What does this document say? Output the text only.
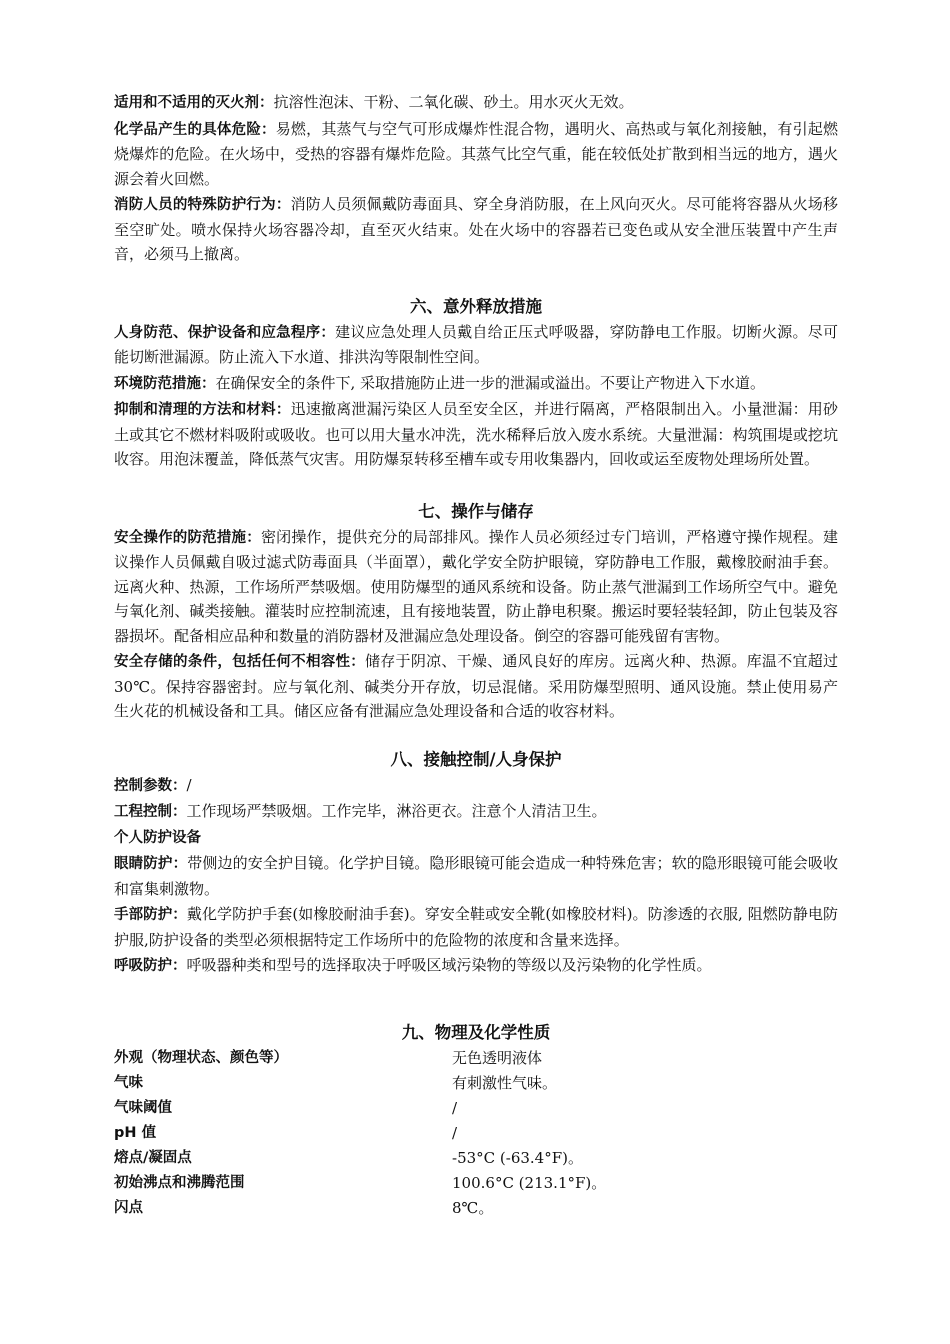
适用和不适用的灭火剂：抗溶性泡沫、干粉、二氧化碳、砂土。用水灭火无效。

化学品产生的具体危险：易燃，其蒸气与空气可形成爆炸性混合物，遇明火、高热或与氧化剂接触，有引起燃烧爆炸的危险。在火场中，受热的容器有爆炸危险。其蒸气比空气重，能在较低处扩散到相当远的地方，遇火源会着火回燃。

消防人员的特殊防护行为：消防人员须佩戴防毒面具、穿全身消防服，在上风向灭火。尽可能将容器从火场移至空旷处。喷水保持火场容器冷却，直至灭火结束。处在火场中的容器若已变色或从安全泄压装置中产生声音，必须马上撤离。

六、意外释放措施

人身防范、保护设备和应急程序：建议应急处理人员戴自给正压式呼吸器，穿防静电工作服。切断火源。尽可能切断泄漏源。防止流入下水道、排洪沟等限制性空间。

环境防范措施：在确保安全的条件下, 采取措施防止进一步的泄漏或溢出。不要让产物进入下水道。

抑制和清理的方法和材料：迅速撤离泄漏污染区人员至安全区，并进行隔离，严格限制出入。小量泄漏：用砂土或其它不燃材料吸附或吸收。也可以用大量水冲洗，洗水稀释后放入废水系统。大量泄漏：构筑围堤或挖坑收容。用泡沫覆盖，降低蒸气灾害。用防爆泵转移至槽车或专用收集器内，回收或运至废物处理场所处置。

七、操作与储存

安全操作的防范措施：密闭操作，提供充分的局部排风。操作人员必须经过专门培训，严格遵守操作规程。建议操作人员佩戴自吸过滤式防毒面具（半面罩），戴化学安全防护眼镜，穿防静电工作服，戴橡胶耐油手套。远离火种、热源，工作场所严禁吸烟。使用防爆型的通风系统和设备。防止蒸气泄漏到工作场所空气中。避免与氧化剂、碱类接触。灌装时应控制流速，且有接地装置，防止静电积聚。搬运时要轻装轻卸，防止包装及容器损坏。配备相应品种和数量的消防器材及泄漏应急处理设备。倒空的容器可能残留有害物。

安全存储的条件，包括任何不相容性：储存于阴凉、干燥、通风良好的库房。远离火种、热源。库温不宜超过30℃。保持容器密封。应与氧化剂、碱类分开存放，切忌混储。采用防爆型照明、通风设施。禁止使用易产生火花的机械设备和工具。储区应备有泄漏应急处理设备和合适的收容材料。

八、接触控制/人身保护

控制参数：/

工程控制：工作现场严禁吸烟。工作完毕，淋浴更衣。注意个人清洁卫生。

个人防护设备

眼睛防护：带侧边的安全护目镜。化学护目镜。隐形眼镜可能会造成一种特殊危害；软的隐形眼镜可能会吸收和富集刺激物。

手部防护：戴化学防护手套(如橡胶耐油手套)。穿安全鞋或安全靴(如橡胶材料)。防渗透的衣服, 阻燃防静电防护服,防护设备的类型必须根据特定工作场所中的危险物的浓度和含量来选择。

呼吸防护：呼吸器种类和型号的选择取决于呼吸区域污染物的等级以及污染物的化学性质。

九、物理及化学性质
外观（物理状态、颜色等）	无色透明液体
气味	有刺激性气味。
气味阈值	/
pH 值	/
熔点/凝固点	-53°C (-63.4°F)。
初始沸点和沸腾范围	100.6°C (213.1°F)。
闪点	8℃。
